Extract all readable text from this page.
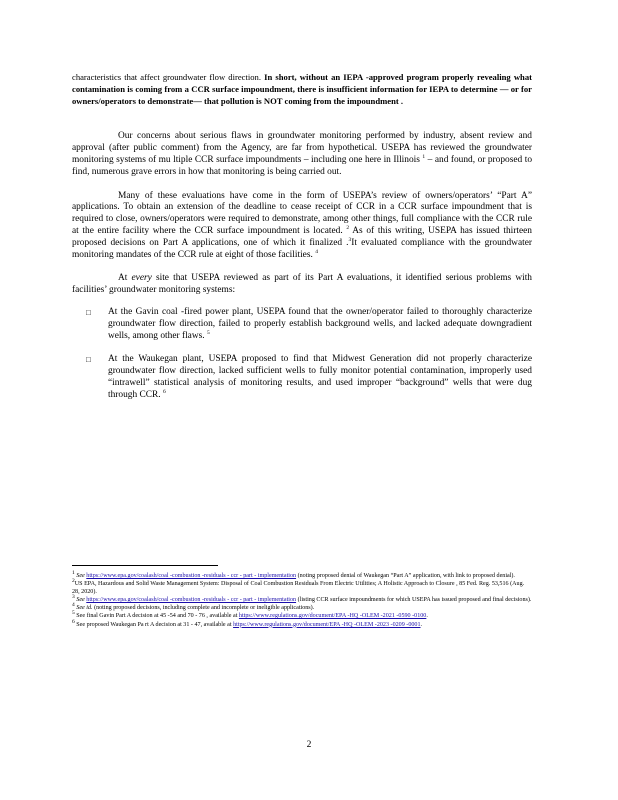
characteristics that affect groundwater flow direction. In short, without an IEPA -approved program properly revealing what contamination is coming from a CCR surface impoundment, there is insufficient information for IEPA to determine — or for owners/operators to demonstrate— that pollution is NOT coming from the impoundment .

Our concerns about serious flaws in groundwater monitoring performed by industry, absent review and approval (after public comment) from the Agency, are far from hypothetical. USEPA has reviewed the groundwater monitoring systems of mu ltiple CCR surface impoundments – including one here in Illinois $^1$ – and found, or proposed to find, numerous grave errors in how that monitoring is being carried out.

Many of these evaluations have come in the form of USEPA’s review of owners/operators’ “Part A” applications. To obtain an extension of the deadline to cease receipt of CCR in a CCR surface impoundment that is required to close, owners/operators were required to demonstrate, among other things, full compliance with the CCR rule at the entire facility where the CCR surface impoundment is located. $^2$ As of this writing, USEPA has issued thirteen proposed decisions on Part A applications, one of which it finalized .$^3$It evaluated compliance with the groundwater monitoring mandates of the CCR rule at eight of those facilities. $^4$

At every site that USEPA reviewed as part of its Part A evaluations, it identified serious problems with facilities’ groundwater monitoring systems:

□ At the Gavin coal -fired power plant, USEPA found that the owner/operator failed to thoroughly characterize groundwater flow direction, failed to properly establish background wells, and lacked adequate downgradient wells, among other flaws. $^5$
□ At the Waukegan plant, USEPA proposed to find that Midwest Generation did not properly characterize groundwater flow direction, lacked sufficient wells to fully monitor potential contamination, improperly used “intrawell” statistical analysis of monitoring results, and used improper “background” wells that were dug through CCR. $^6$
$^1$ See https://www.epa.gov/coalash/coal -combustion -residuals - ccr - part - implementation (noting proposed denial of Waukegan “Part A” application, with link to proposed denial).
$^2$US EPA, Hazardous and Solid Waste Management System: Disposal of Coal Combustion Residuals From Electric Utilities; A Holistic Approach to Closure , 85 Fed. Reg. 53,516 (Aug. 28, 2020).
$^3$ See https://www.epa.gov/coalash/coal -combustion -residuals - ccr - part - implementation (listing CCR surface impoundments for which USEPA has issued proposed and final decisions).
$^4$ See id. (noting proposed decisions, including complete and incomplete or ineligible applications).
$^5$ See final Gavin Part A decision at 45 -54 and 70 - 76 , available at https://www.regulations.gov/document/EPA -HQ -OLEM -2021 -0590 -0100.
$^6$ See proposed Waukegan Pa rt A decision at 31 - 47, available at https://www.regulations.gov/document/EPA -HQ -OLEM -2023 -0209 -0001.
2
